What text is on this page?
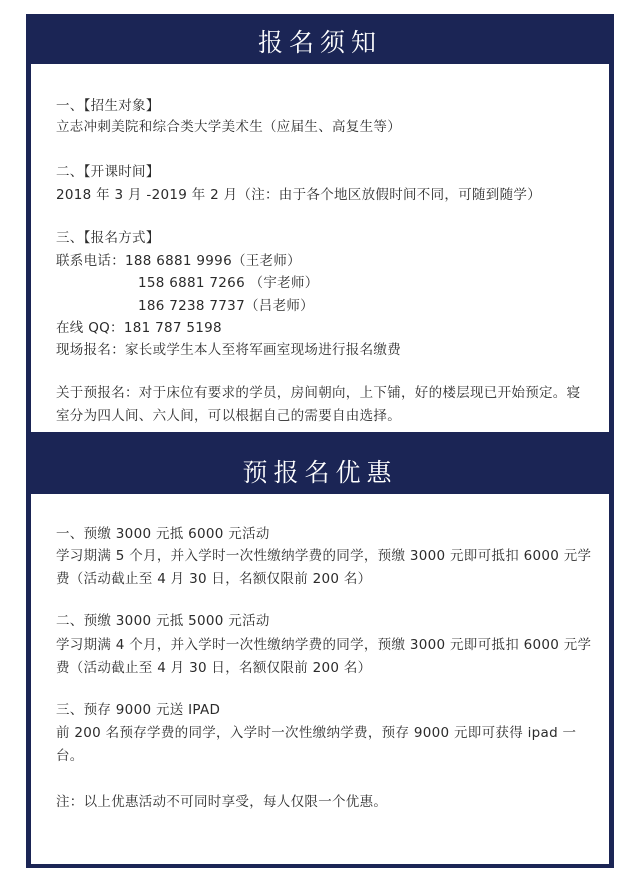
报名须知
一、【招生对象】
立志冲刺美院和综合类大学美术生（应届生、高复生等）
二、【开课时间】
2018 年 3 月 -2019 年 2 月（注：由于各个地区放假时间不同，可随到随学）
三、【报名方式】
联系电话：188 6881 9996（王老师）
158 6881 7266 （宇老师）
186 7238 7737（吕老师）
在线 QQ：181 787 5198
现场报名：家长或学生本人至将军画室现场进行报名缴费
关于预报名：对于床位有要求的学员，房间朝向，上下铺，好的楼层现已开始预定。寝室分为四人间、六人间，可以根据自己的需要自由选择。
预报名优惠
一、预缴 3000 元抵 6000 元活动
学习期满 5 个月，并入学时一次性缴纳学费的同学，预缴 3000 元即可抵扣 6000 元学费（活动截止至 4 月 30 日，名额仅限前 200 名）
二、预缴 3000 元抵 5000 元活动
学习期满 4 个月，并入学时一次性缴纳学费的同学，预缴 3000 元即可抵扣 6000 元学费（活动截止至 4 月 30 日，名额仅限前 200 名）
三、预存 9000 元送 IPAD
前 200 名预存学费的同学，入学时一次性缴纳学费，预存 9000 元即可获得 ipad 一台。
注：以上优惠活动不可同时享受，每人仅限一个优惠。
